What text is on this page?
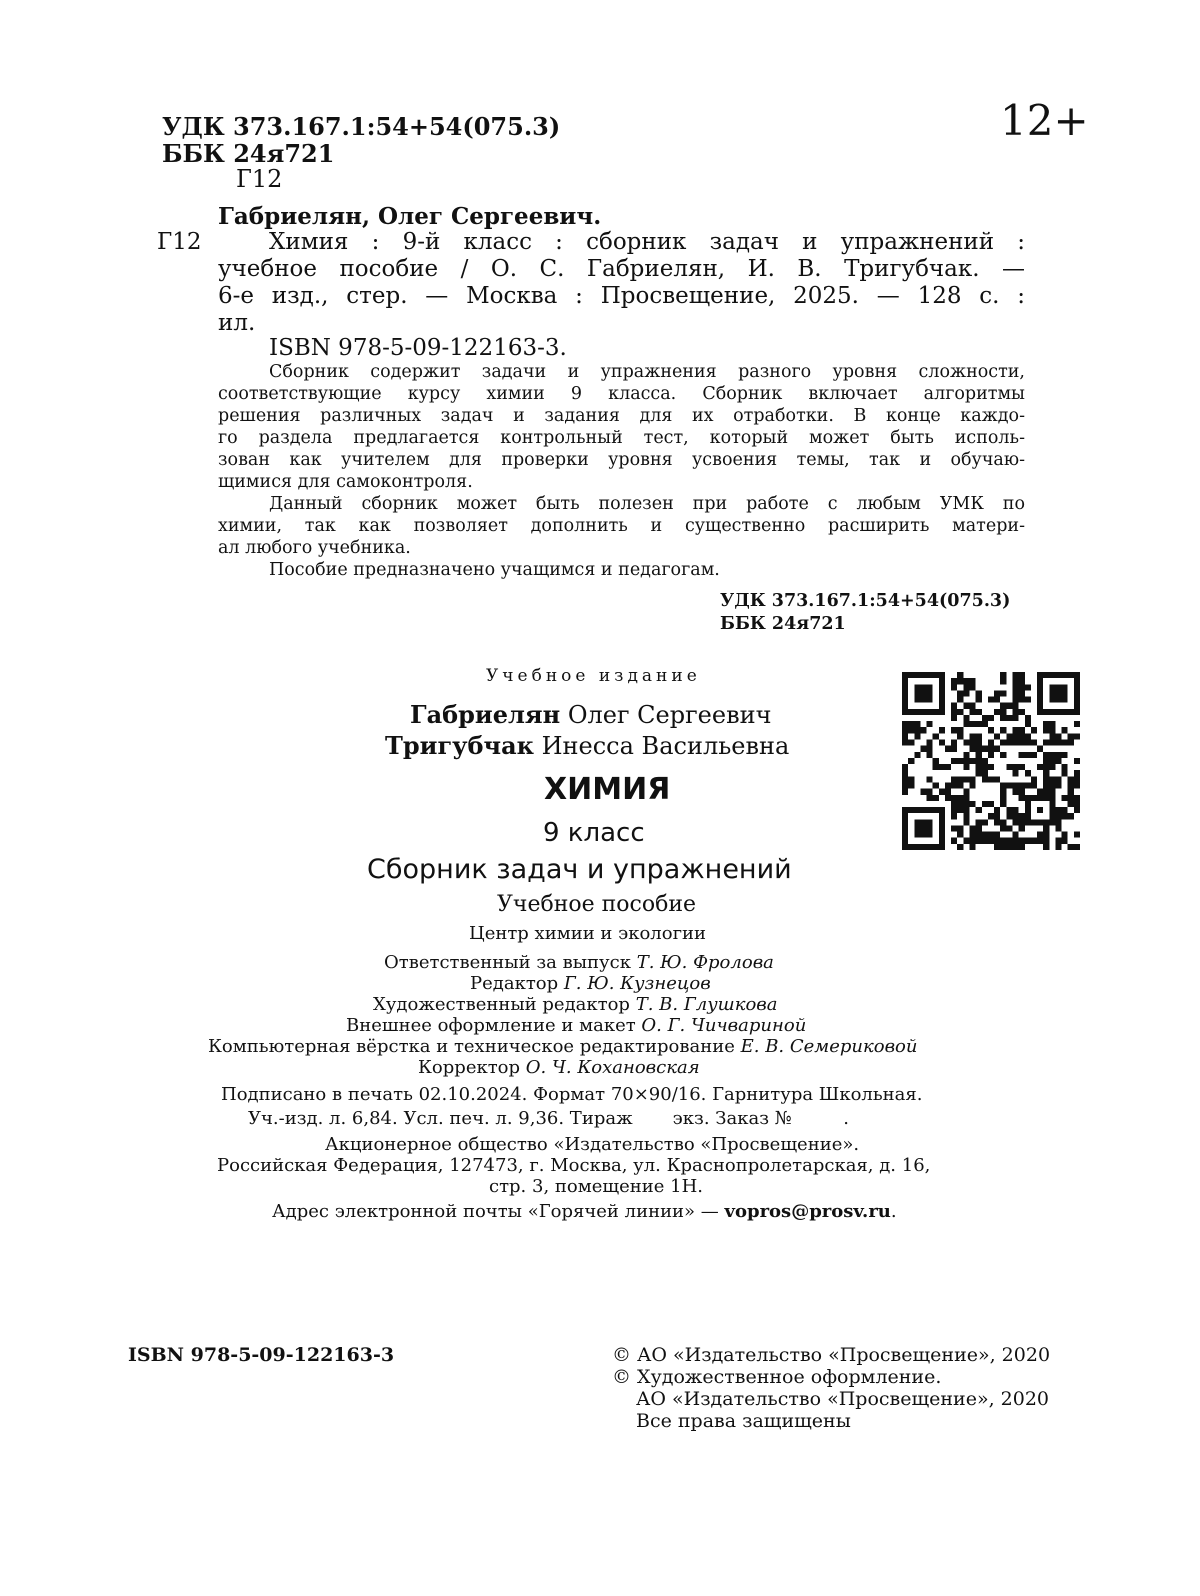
УДК 373.167.1:54+54(075.3)
ББК 24я721
Г12
12+
Габриелян, Олег Сергеевич.
Г12	Химия : 9-й класс : сборник задач и упражнений :
учебное пособие / О. С. Габриелян, И. В. Тригубчак. —
6-е изд., стер. — Москва : Просвещение, 2025. — 128 с. :
ил.
ISBN 978-5-09-122163-3.
Сборник содержит задачи и упражнения разного уровня сложности,
соответствующие курсу химии 9 класса. Сборник включает алгоритмы
решения различных задач и задания для их отработки. В конце каждо-
го раздела предлагается контрольный тест, который может быть исполь-
зован как учителем для проверки уровня усвоения темы, так и обучаю-
щимися для самоконтроля.
Данный сборник может быть полезен при работе с любым УМК по
химии, так как позволяет дополнить и существенно расширить матери-
ал любого учебника.
Пособие предназначено учащимся и педагогам.
УДК 373.167.1:54+54(075.3)
ББК 24я721
Учебное издание
Габриелян Олег Сергеевич
Тригубчак Инесса Васильевна
ХИМИЯ
9 класс
Сборник задач и упражнений
Учебное пособие
Центр химии и экологии
Ответственный за выпуск Т. Ю. Фролова
Редактор Г. Ю. Кузнецов
Художественный редактор Т. В. Глушкова
Внешнее оформление и макет О. Г. Чичвариной
Компьютерная вёрстка и техническое редактирование Е. В. Семериковой
Корректор О. Ч. Кохановская
Подписано в печать 02.10.2024. Формат 70×90/16. Гарнитура Школьная.
Уч.-изд. л. 6,84. Усл. печ. л. 9,36. Тираж       экз. Заказ №         .
Акционерное общество «Издательство «Просвещение».
Российская Федерация, 127473, г. Москва, ул. Краснопролетарская, д. 16,
стр. 3, помещение 1Н.
Адрес электронной почты «Горячей линии» — vopros@prosv.ru.
ISBN 978-5-09-122163-3	© АО «Издательство «Просвещение», 2020
© Художественное оформление.
АО «Издательство «Просвещение», 2020
Все права защищены
